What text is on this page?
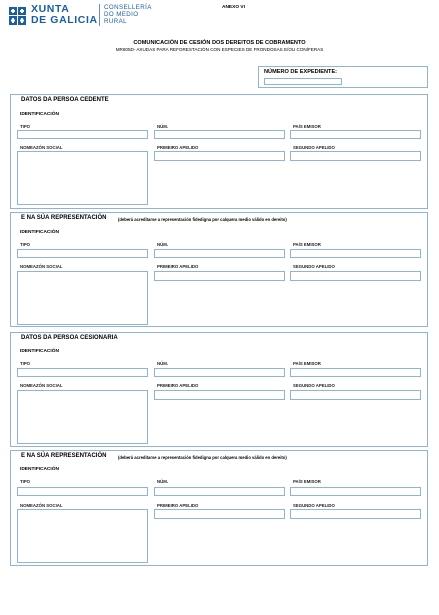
XUNTA
DE GALICIA
CONSELLERÍA
DO MEDIO
RURAL
ANEXO VI
COMUNICACIÓN DE CESIÓN DOS DEREITOS DE COBRAMENTO
MR605D- AXUDAS PARA REFORESTACIÓN CON ESPECIES DE FRONDOSAS E/OU CONÍFERAS
NÚMERO DE EXPEDIENTE:
DATOS DA PERSOA CEDENTE
IDENTIFICACIÓN
TIPO	NÚM.	PAÍS EMISOR
NOMEAZÓN SOCIAL	PRIMEIRO APELIDO	SEGUNDO APELIDO
E NA SÚA REPRESENTACIÓN	(deberá acreditarse a representación fidedigna por calquera medio válido en dereito)
IDENTIFICACIÓN
TIPO	NÚM.	PAÍS EMISOR
NOMEAZÓN SOCIAL	PRIMEIRO APELIDO	SEGUNDO APELIDO
DATOS DA PERSOA CESIONARIA
IDENTIFICACIÓN
TIPO	NÚM.	PAÍS EMISOR
NOMEAZÓN SOCIAL	PRIMEIRO APELIDO	SEGUNDO APELIDO
E NA SÚA REPRESENTACIÓN	(deberá acreditarse a representación fidedigna por calquera medio válido en dereito)
IDENTIFICACIÓN
TIPO	NÚM.	PAÍS EMISOR
NOMEAZÓN SOCIAL	PRIMEIRO APELIDO	SEGUNDO APELIDO
